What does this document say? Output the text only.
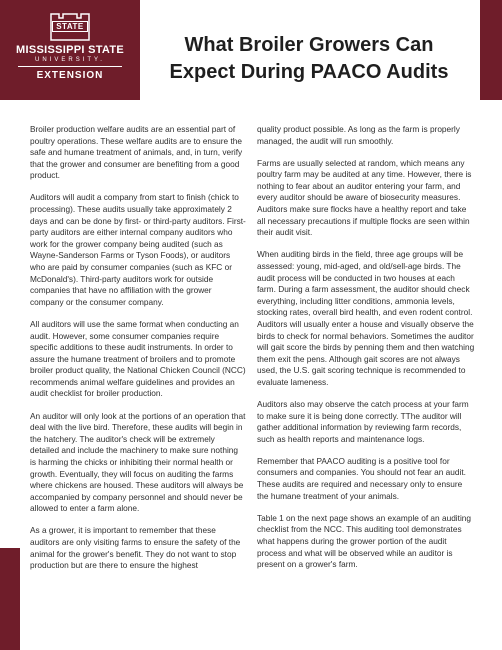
STATE
MISSISSIPPI STATE
UNIVERSITY.
EXTENSION
What Broiler Growers Can
Expect During PAACO Audits

Broiler production welfare audits are an essential part of poultry operations. These welfare audits are to ensure the safe and humane treatment of animals, and, in turn, verify that the grower and consumer are benefiting from a good product.

Auditors will audit a company from start to finish (chick to processing). These audits usually take approximately 2 days and can be done by first- or third-party auditors. First-party auditors are either internal company auditors who work for the grower company being audited (such as Wayne-Sanderson Farms or Tyson Foods), or auditors who are paid by consumer companies (such as KFC or McDonald's). Third-party auditors work for outside companies that have no affiliation with the grower company or the consumer company.

All auditors will use the same format when conducting an audit. However, some consumer companies require specific additions to these audit instruments. In order to assure the humane treatment of broilers and to promote broiler product quality, the National Chicken Council (NCC) recommends animal welfare guidelines and provides an audit checklist for broiler production.

An auditor will only look at the portions of an operation that deal with the live bird. Therefore, these audits will begin in the hatchery. The auditor's check will be extremely detailed and include the machinery to make sure nothing is harming the chicks or inhibiting their normal health or growth. Eventually, they will focus on auditing the farms where chickens are housed. These auditors will always be accompanied by company personnel and should never be allowed to enter a farm alone.

As a grower, it is important to remember that these auditors are only visiting farms to ensure the safety of the animal for the grower's benefit. They do not want to stop production but are there to ensure the highest

quality product possible. As long as the farm is properly managed, the audit will run smoothly.

Farms are usually selected at random, which means any poultry farm may be audited at any time. However, there is nothing to fear about an auditor entering your farm, and every auditor should be aware of biosecurity measures. Auditors make sure flocks have a healthy report and take all necessary precautions if multiple flocks are seen within their audit visit.

When auditing birds in the field, three age groups will be assessed: young, mid-aged, and old/sell-age birds. The audit process will be conducted in two houses at each farm. During a farm assessment, the auditor should check everything, including litter conditions, ammonia levels, stocking rates, overall bird health, and even rodent control. Auditors will usually enter a house and visually observe the birds to check for normal behaviors. Sometimes the auditor will gait score the birds by penning them and then watching them exit the pens. Although gait scores are not always used, the U.S. gait scoring technique is recommended to evaluate lameness.

Auditors also may observe the catch process at your farm to make sure it is being done correctly. TThe auditor will gather additional information by reviewing farm records, such as health reports and maintenance logs.

Remember that PAACO auditing is a positive tool for consumers and companies. You should not fear an audit. These audits are required and necessary only to ensure the humane treatment of your animals.

Table 1 on the next page shows an example of an auditing checklist from the NCC. This auditing tool demonstrates what happens during the grower portion of the audit process and what will be observed while an auditor is present on a grower's farm.
